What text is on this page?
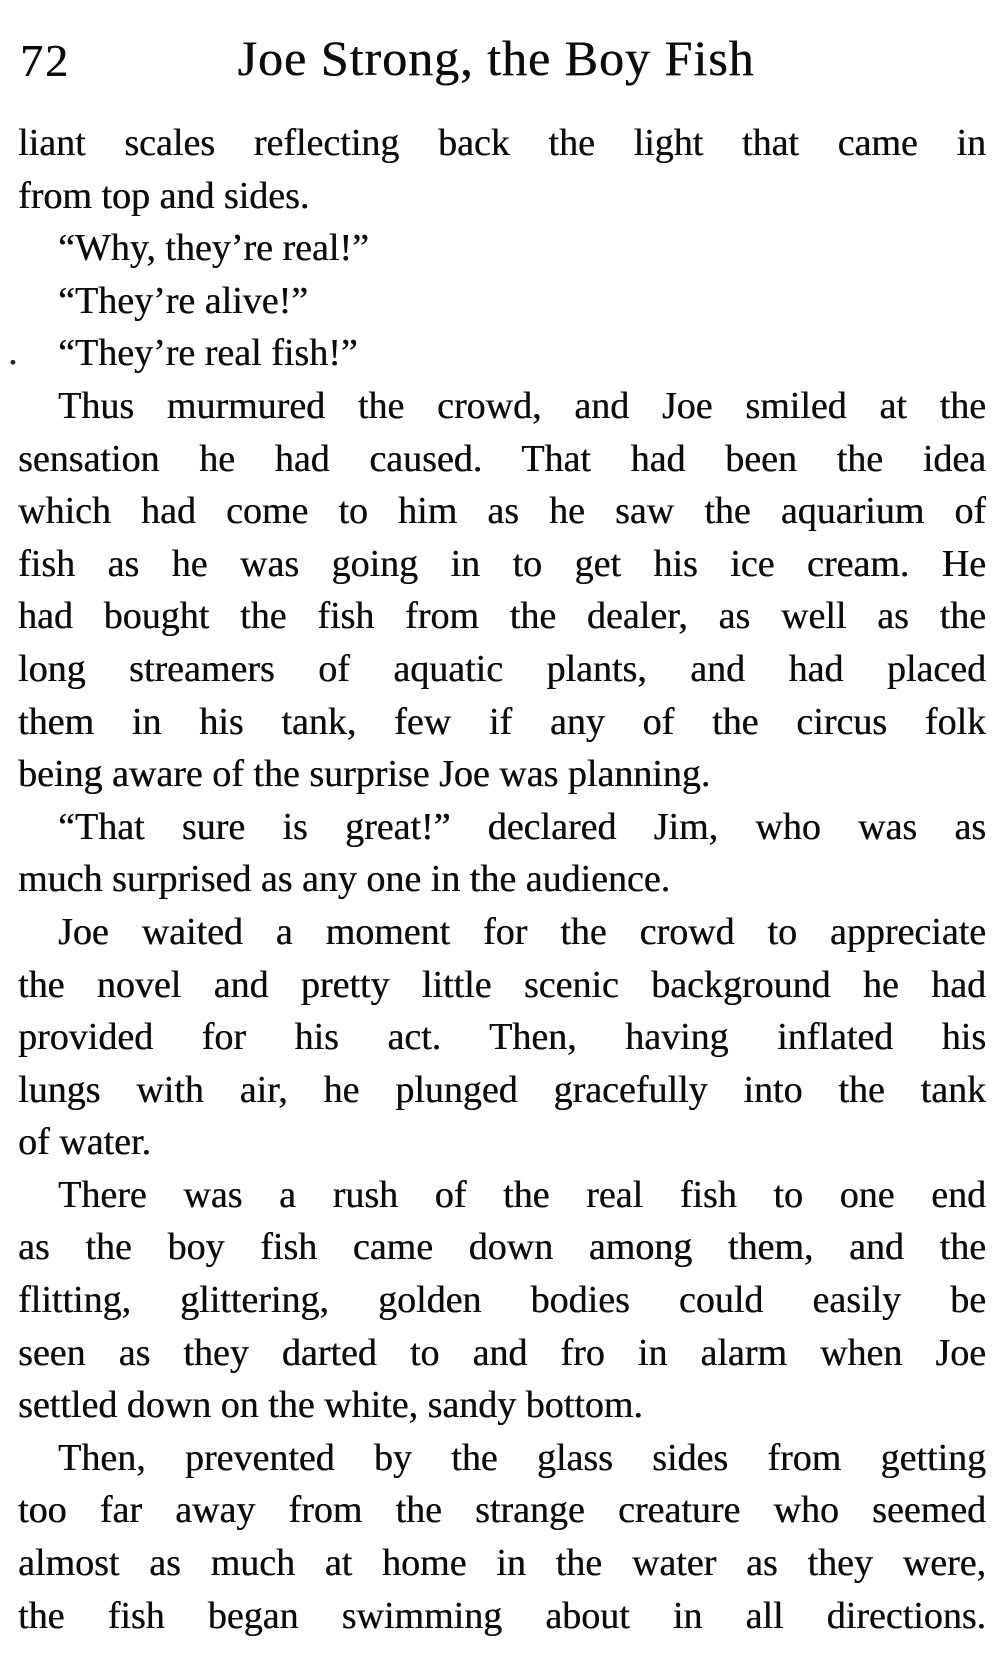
72	Joe Strong, the Boy Fish
.
liant scales reflecting back the light that came in
from top and sides.
“Why, they’re real!”
“They’re alive!”
“They’re real fish!”
Thus murmured the crowd, and Joe smiled at the
sensation he had caused. That had been the idea
which had come to him as he saw the aquarium of
fish as he was going in to get his ice cream. He
had bought the fish from the dealer, as well as the
long streamers of aquatic plants, and had placed
them in his tank, few if any of the circus folk
being aware of the surprise Joe was planning.
“That sure is great!” declared Jim, who was as
much surprised as any one in the audience.
Joe waited a moment for the crowd to appreciate
the novel and pretty little scenic background he had
provided for his act. Then, having inflated his
lungs with air, he plunged gracefully into the tank
of water.
There was a rush of the real fish to one end
as the boy fish came down among them, and the
flitting, glittering, golden bodies could easily be
seen as they darted to and fro in alarm when Joe
settled down on the white, sandy bottom.
Then, prevented by the glass sides from getting
too far away from the strange creature who seemed
almost as much at home in the water as they were,
the fish began swimming about in all directions.
